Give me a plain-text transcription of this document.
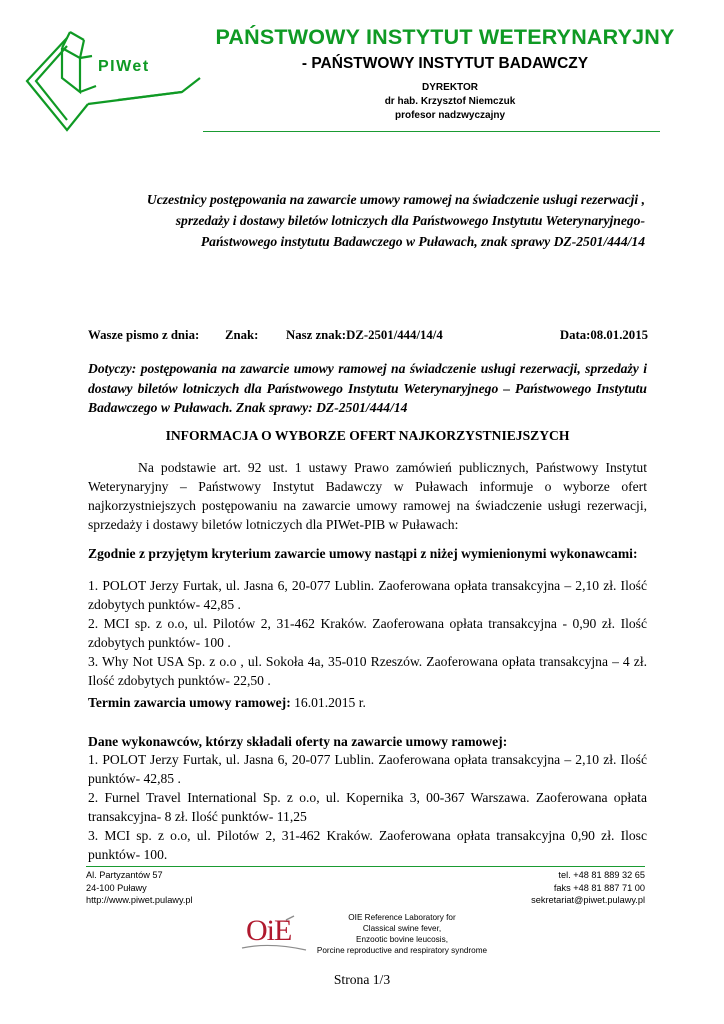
PIWet
PAŃSTWOWY INSTYTUT WETERYNARYJNY
- PAŃSTWOWY INSTYTUT BADAWCZY
DYREKTOR
dr hab. Krzysztof Niemczuk
profesor nadzwyczajny
Uczestnicy postępowania na zawarcie umowy ramowej na świadczenie usługi rezerwacji ,
sprzedaży i dostawy biletów lotniczych dla Państwowego Instytutu Weterynaryjnego-
Państwowego instytutu Badawczego w Puławach, znak sprawy DZ-2501/444/14
Wasze pismo z dnia: Znak: Nasz znak:DZ-2501/444/14/4	Data:08.01.2015
Dotyczy: postępowania na zawarcie umowy ramowej na świadczenie usługi rezerwacji, sprzedaży i dostawy biletów lotniczych dla Państwowego Instytutu Weterynaryjnego – Państwowego Instytutu Badawczego w Puławach. Znak sprawy: DZ-2501/444/14
INFORMACJA O WYBORZE OFERT NAJKORZYSTNIEJSZYCH
Na podstawie art. 92 ust. 1 ustawy Prawo zamówień publicznych, Państwowy Instytut Weterynaryjny – Państwowy Instytut Badawczy w Puławach informuje o wyborze ofert najkorzystniejszych postępowaniu na zawarcie umowy ramowej na świadczenie usługi rezerwacji, sprzedaży i dostawy biletów lotniczych dla PIWet-PIB w Puławach:
Zgodnie z przyjętym kryterium zawarcie umowy nastąpi z niżej wymienionymi wykonawcami:
1. POLOT Jerzy Furtak, ul. Jasna 6, 20-077 Lublin. Zaoferowana opłata transakcyjna – 2,10 zł. Ilość zdobytych punktów- 42,85 .
2. MCI sp. z o.o, ul. Pilotów 2, 31-462 Kraków. Zaoferowana opłata transakcyjna - 0,90 zł. Ilość zdobytych punktów- 100 .
3. Why Not USA Sp. z o.o , ul. Sokoła 4a, 35-010 Rzeszów. Zaoferowana opłata transakcyjna – 4 zł. Ilość zdobytych punktów- 22,50 .
Termin zawarcia umowy ramowej: 16.01.2015 r.
Dane wykonawców, którzy składali oferty na zawarcie umowy ramowej:
1. POLOT Jerzy Furtak, ul. Jasna 6, 20-077 Lublin. Zaoferowana opłata transakcyjna – 2,10 zł. Ilość punktów- 42,85 .
2. Furnel Travel International Sp. z o.o, ul. Kopernika 3, 00-367 Warszawa. Zaoferowana opłata transakcyjna- 8 zł. Ilość punktów- 11,25
3. MCI sp. z o.o, ul. Pilotów 2, 31-462 Kraków. Zaoferowana opłata transakcyjna 0,90 zł. Ilosc punktów- 100.
Al. Partyzantów 57
24-100 Puławy
http://www.piwet.pulawy.pl
tel. +48 81 889 32 65
faks +48 81 887 71 00
sekretariat@piwet.pulawy.pl
OiE	OIE Reference Laboratory for
Classical swine fever,
Enzootic bovine leucosis,
Porcine reproductive and respiratory syndrome
Strona 1/3
